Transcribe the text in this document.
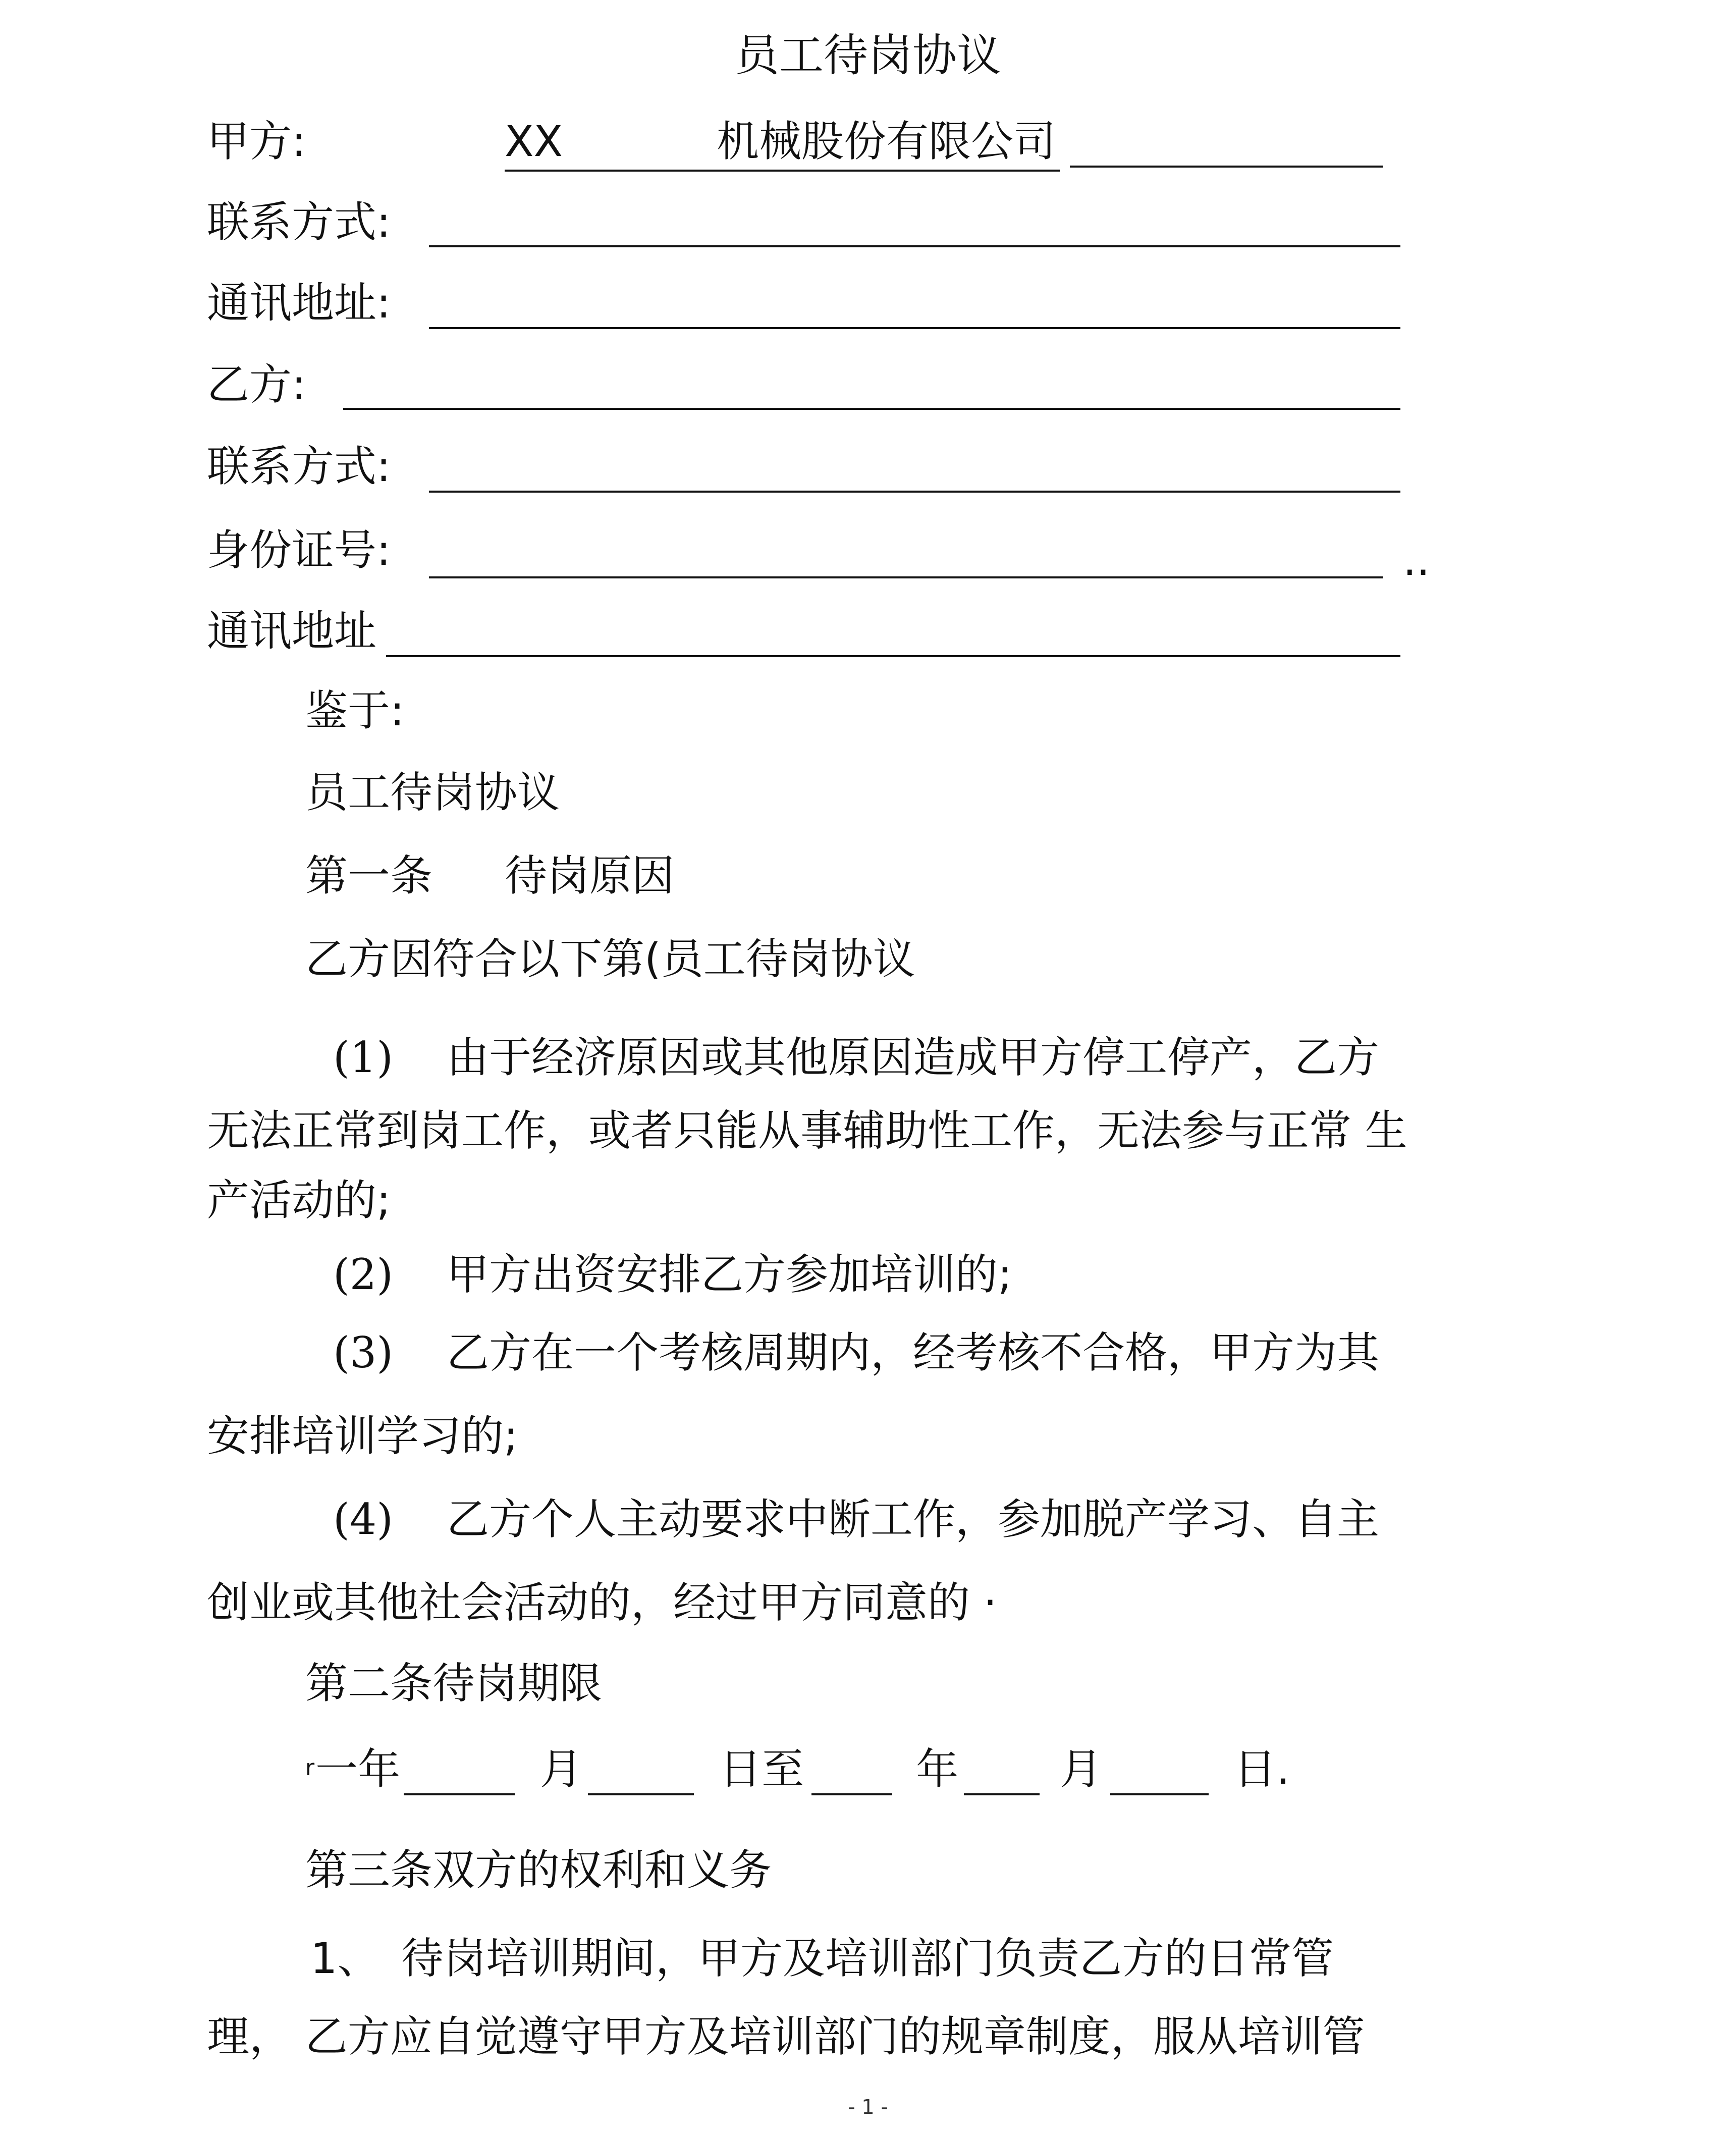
员工待岗协议
甲方:	XX	机械股份有限公司
联系方式:
通讯地址:
乙方:
联系方式:
身份证号:	..
通讯地址
鉴于:
员工待岗协议
第一条 待岗原因
乙方因符合以下第(员工待岗协议
(1) 由于经济原因或其他原因造成甲方停工停产，乙方
无法正常到岗工作，或者只能从事辅助性工作，无法参与正常 生
产活动的;
(2) 甲方出资安排乙方参加培训的;
(3) 乙方在一个考核周期内，经考核不合格，甲方为其
安排培训学习的;
(4) 乙方个人主动要求中断工作，参加脱产学习、自主
创业或其他社会活动的，经过甲方同意的 ·
第二条待岗期限
r 一年	月	日至	年 月	日.
第三条双方的权利和义务
1、 待岗培训期间，甲方及培训部门负责乙方的日常管
理， 乙方应自觉遵守甲方及培训部门的规章制度，服从培训管
- 1 -
